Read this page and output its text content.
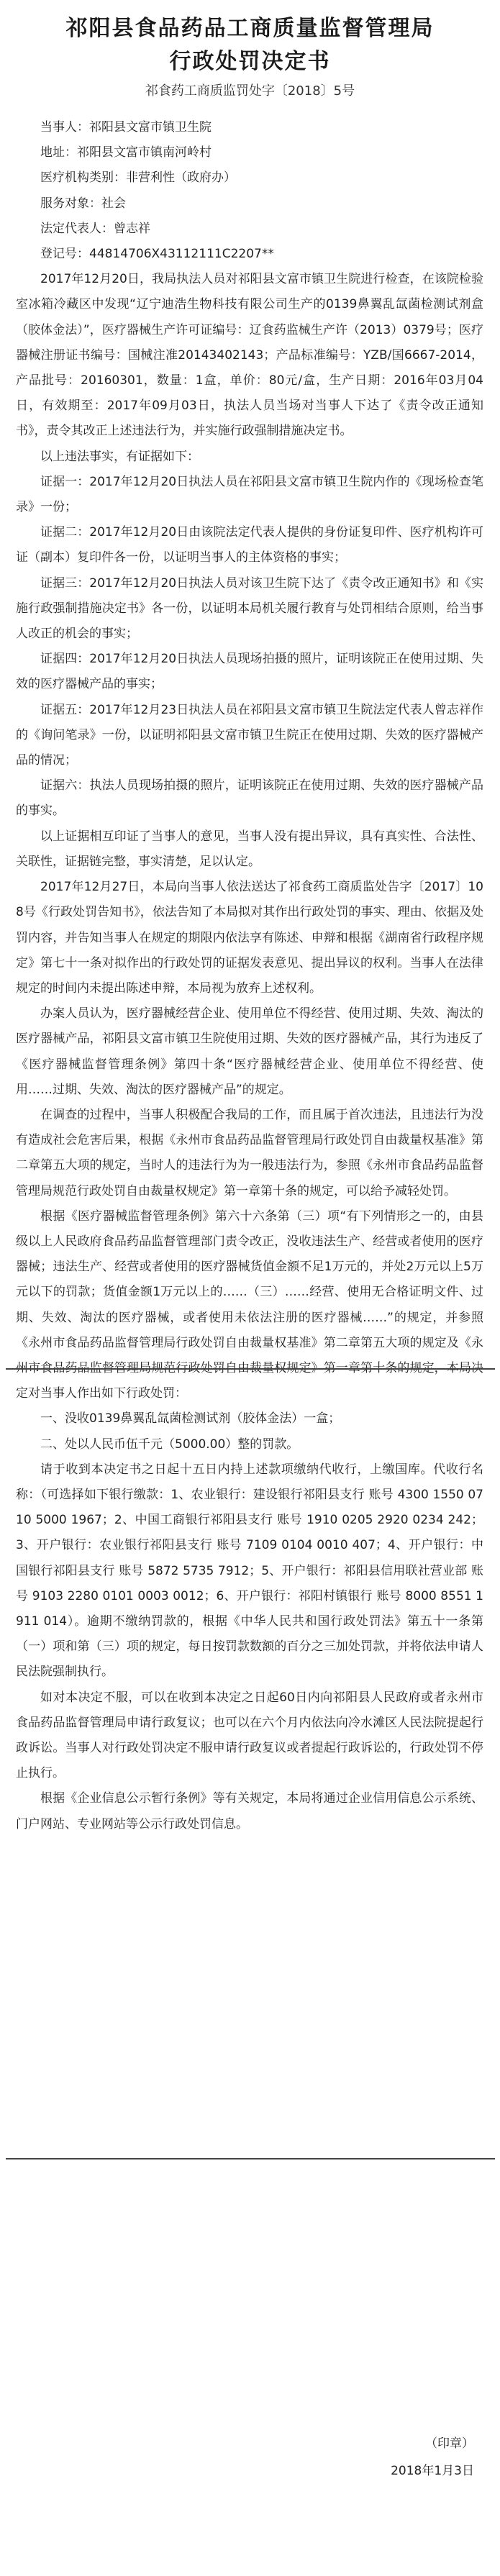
祁阳县食品药品工商质量监督管理局
行政处罚决定书
祁食药工商质监罚处字〔2018〕5号

当事人：祁阳县文富市镇卫生院

地址：祁阳县文富市镇南河岭村

医疗机构类别：非营利性（政府办）

服务对象：社会

法定代表人：曾志祥

登记号：44814706X43112111C2207**

2017年12月20日，我局执法人员对祁阳县文富市镇卫生院进行检查，在该院检验室冰箱冷藏区中发现“辽宁迪浩生物科技有限公司生产的0139鼻翼乱氙菌检测试剂盒（胶体金法）”，医疗器械生产许可证编号：辽食药监械生产许（2013）0379号；医疗器械注册证书编号：国械注准20143402143；产品标准编号：YZB/国6667-2014，产品批号：20160301，数量：1盒，单价：80元/盒，生产日期：2016年03月04日，有效期至：2017年09月03日，执法人员当场对当事人下达了《责令改正通知书》，责令其改正上述违法行为，并实施行政强制措施决定书。

以上违法事实，有证据如下：

证据一：2017年12月20日执法人员在祁阳县文富市镇卫生院内作的《现场检查笔录》一份；

证据二：2017年12月20日由该院法定代表人提供的身份证复印件、医疗机构许可证（副本）复印件各一份，以证明当事人的主体资格的事实；

证据三：2017年12月20日执法人员对该卫生院下达了《责令改正通知书》和《实施行政强制措施决定书》各一份，以证明本局机关履行教育与处罚相结合原则，给当事人改正的机会的事实；

证据四：2017年12月20日执法人员现场拍摄的照片，证明该院正在使用过期、失效的医疗器械产品的事实；

证据五：2017年12月23日执法人员在祁阳县文富市镇卫生院法定代表人曾志祥作的《询问笔录》一份，以证明祁阳县文富市镇卫生院正在使用过期、失效的医疗器械产品的情况；

证据六：执法人员现场拍摄的照片，证明该院正在使用过期、失效的医疗器械产品的事实。

以上证据相互印证了当事人的意见，当事人没有提出异议，具有真实性、合法性、关联性，证据链完整，事实清楚，足以认定。

2017年12月27日，本局向当事人依法送达了祁食药工商质监处告字〔2017〕108号《行政处罚告知书》，依法告知了本局拟对其作出行政处罚的事实、理由、依据及处罚内容，并告知当事人在规定的期限内依法享有陈述、申辩和根据《湖南省行政程序规定》第七十一条对拟作出的行政处罚的证据发表意见、提出异议的权利。当事人在法律规定的时间内未提出陈述申辩，本局视为放弃上述权利。

办案人员认为，医疗器械经营企业、使用单位不得经营、使用过期、失效、淘汰的医疗器械产品，祁阳县文富市镇卫生院使用过期、失效的医疗器械产品，其行为违反了《医疗器械监督管理条例》第四十条“医疗器械经营企业、使用单位不得经营、使用……过期、失效、淘汰的医疗器械产品”的规定。

在调查的过程中，当事人积极配合我局的工作，而且属于首次违法，且违法行为没有造成社会危害后果，根据《永州市食品药品监督管理局行政处罚自由裁量权基准》第二章第五大项的规定，当时人的违法行为为一般违法行为，参照《永州市食品药品监督管理局规范行政处罚自由裁量权规定》第一章第十条的规定，可以给予减轻处罚。

根据《医疗器械监督管理条例》第六十六条第（三）项“有下列情形之一的，由县级以上人民政府食品药品监督管理部门责令改正，没收违法生产、经营或者使用的医疗器械；违法生产、经营或者使用的医疗器械货值金额不足1万元的，并处2万元以上5万元以下的罚款；货值金额1万元以上的……（三）……经营、使用无合格证明文件、过期、失效、淘汰的医疗器械，或者使用未依法注册的医疗器械……”的规定，并参照《永州市食品药品监督管理局行政处罚自由裁量权基准》第二章第五大项的规定及《永州市食品药品监督管理局规范行政处罚自由裁量权规定》第一章第十条的规定，本局决定对当事人作出如下行政处罚：

一、没收0139鼻翼乱氙菌检测试剂（胶体金法）一盒；

二、处以人民币伍千元（5000.00）整的罚款。

请于收到本决定书之日起十五日内持上述款项缴纳代收行，上缴国库。代收行名称：（可选择如下银行缴款：1、农业银行：建设银行祁阳县支行 账号 4300 1550 0710 5000 1967；2、中国工商银行祁阳县支行 账号 1910 0205 2920 0234 242；3、开户银行：农业银行祁阳县支行 账号 7109 0104 0010 407；4、开户银行：中国银行祁阳县支行 账号 5872 5735 7912；5、开户银行：祁阳县信用联社营业部 账号 9103 2280 0101 0003 0012；6、开户银行：祁阳村镇银行 账号 8000 8551 1911 014）。逾期不缴纳罚款的，根据《中华人民共和国行政处罚法》第五十一条第（一）项和第（三）项的规定，每日按罚款数额的百分之三加处罚款，并将依法申请人民法院强制执行。

如对本决定不服，可以在收到本决定之日起60日内向祁阳县人民政府或者永州市食品药品监督管理局申请行政复议；也可以在六个月内依法向冷水滩区人民法院提起行政诉讼。当事人对行政处罚决定不服申请行政复议或者提起行政诉讼的，行政处罚不停止执行。

根据《企业信息公示暂行条例》等有关规定，本局将通过企业信用信息公示系统、门户网站、专业网站等公示行政处罚信息。

（印章）
2018年1月3日
